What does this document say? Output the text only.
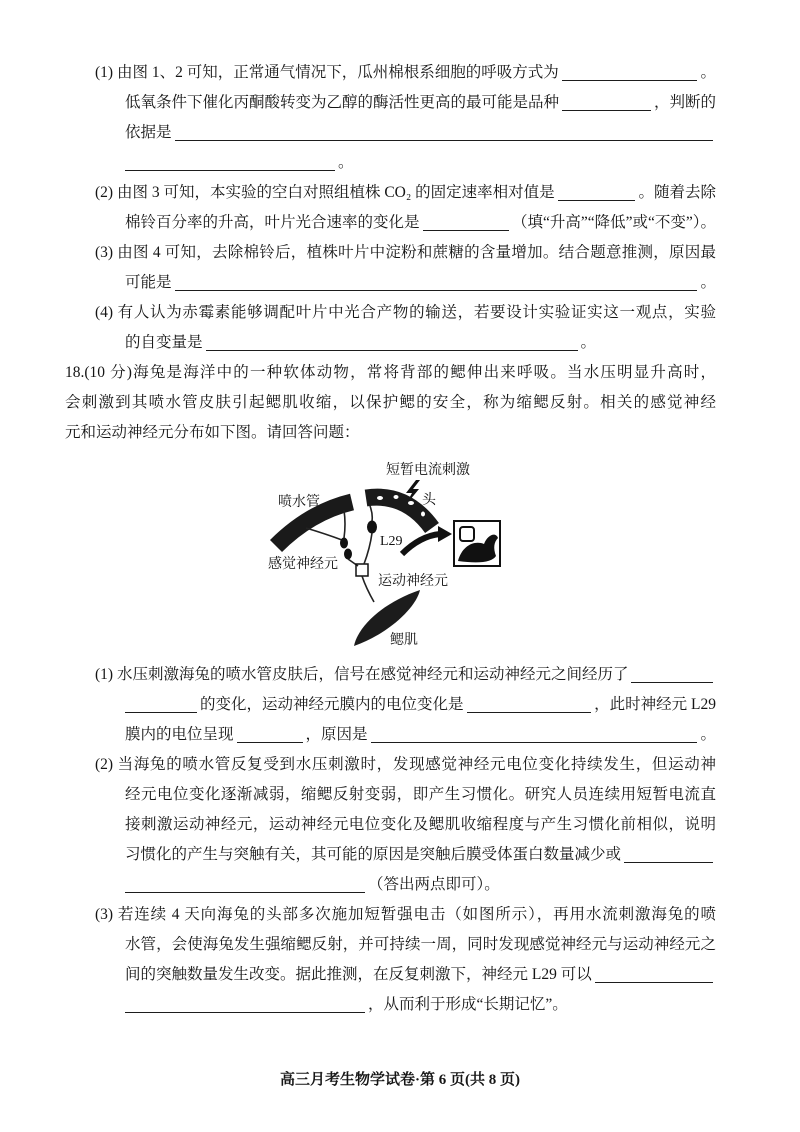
(1) 由图 1、2 可知，正常通气情况下，瓜州棉根系细胞的呼吸方式为	。
低氧条件下催化丙酮酸转变为乙醇的酶活性更高的最可能是品种	，判断的
依据是
。
(2) 由图 3 可知，本实验的空白对照组植株 CO₂ 的固定速率相对值是	。随着去除
棉铃百分率的升高，叶片光合速率的变化是	（填“升高”“降低”或“不变”）。
(3) 由图 4 可知，去除棉铃后，植株叶片中淀粉和蔗糖的含量增加。结合题意推测，原因最
可能是	。
(4) 有人认为赤霉素能够调配叶片中光合产物的输送，若要设计实验证实这一观点，实验
的自变量是	。
18.(10 分)海兔是海洋中的一种软体动物，常将背部的鳃伸出来呼吸。当水压明显升高时，
会刺激到其喷水管皮肤引起鳃肌收缩，以保护鳃的安全，称为缩鳃反射。相关的感觉神经
元和运动神经元分布如下图。请回答问题：
短暂电流刺激
头
喷水管
L29
感觉神经元
运动神经元
鳃肌
(1) 水压刺激海兔的喷水管皮肤后，信号在感觉神经元和运动神经元之间经历了
的变化，运动神经元膜内的电位变化是	，此时神经元 L29
膜内的电位呈现	，原因是	。
(2) 当海兔的喷水管反复受到水压刺激时，发现感觉神经元电位变化持续发生，但运动神
经元电位变化逐渐减弱，缩鳃反射变弱，即产生习惯化。研究人员连续用短暂电流直
接刺激运动神经元，运动神经元电位变化及鳃肌收缩程度与产生习惯化前相似，说明
习惯化的产生与突触有关，其可能的原因是突触后膜受体蛋白数量减少或
（答出两点即可）。
(3) 若连续 4 天向海兔的头部多次施加短暂强电击（如图所示），再用水流刺激海兔的喷
水管，会使海兔发生强缩鳃反射，并可持续一周，同时发现感觉神经元与运动神经元之
间的突触数量发生改变。据此推测，在反复刺激下，神经元 L29 可以
，从而利于形成“长期记忆”。
高三月考生物学试卷·第 6 页(共 8 页)
